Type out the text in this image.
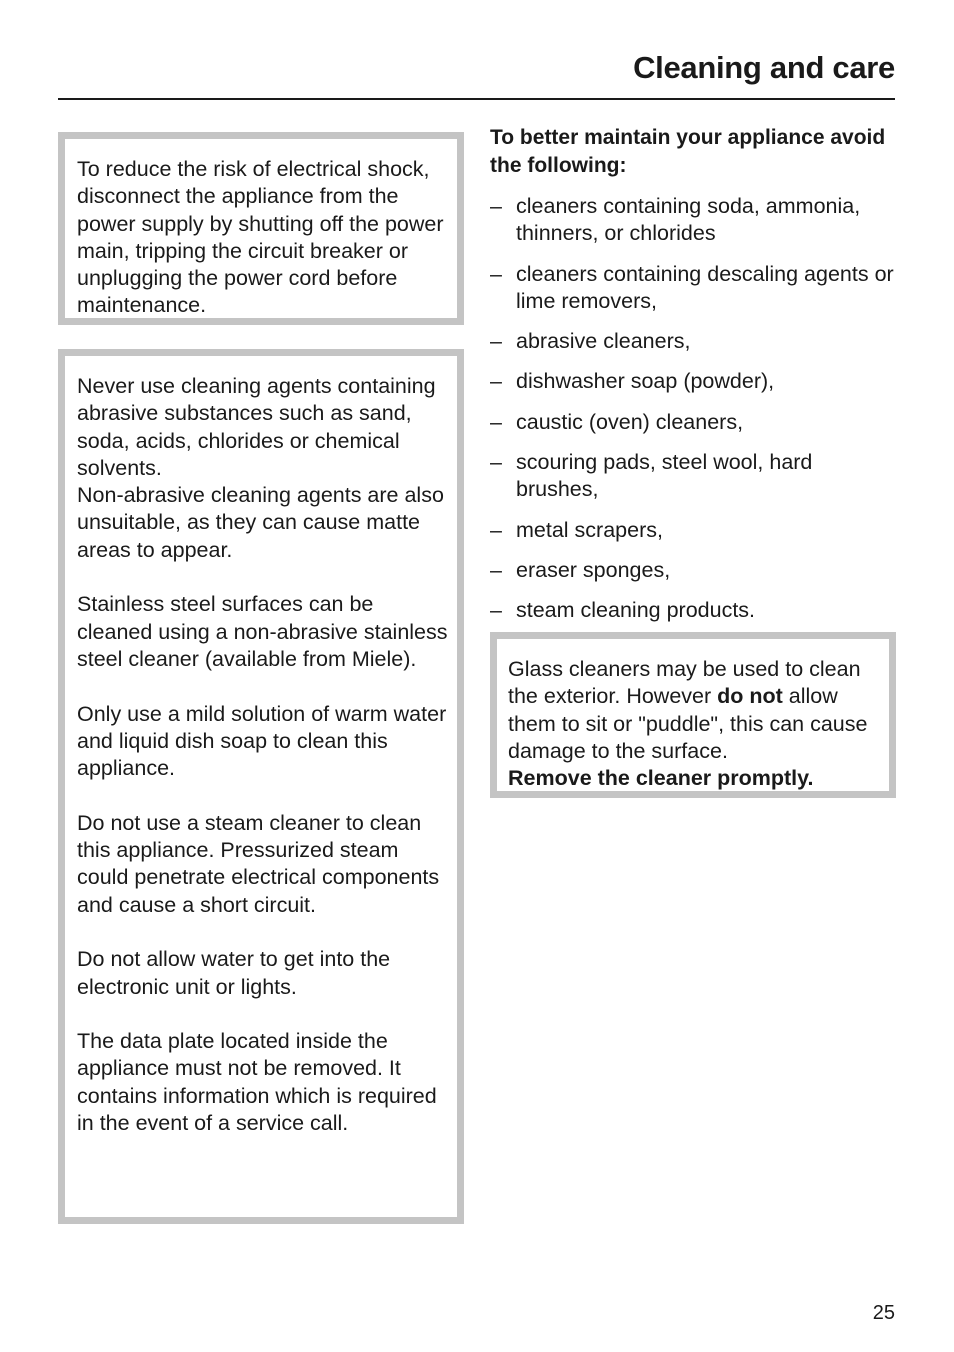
Cleaning and care

To reduce the risk of electrical shock, disconnect the appliance from the power supply by shutting off the power main, tripping the circuit breaker or unplugging the power cord before maintenance.

Never use cleaning agents containing abrasive substances such as sand, soda, acids, chlorides or chemical solvents.
Non-abrasive cleaning agents are also unsuitable, as they can cause matte areas to appear.

Stainless steel surfaces can be cleaned using a non-abrasive stainless steel cleaner (available from Miele).

Only use a mild solution of warm water and liquid dish soap to clean this appliance.

Do not use a steam cleaner to clean this appliance. Pressurized steam could penetrate electrical components and cause a short circuit.

Do not allow water to get into the electronic unit or lights.

The data plate located inside the appliance must not be removed. It contains information which is required in the event of a service call.

To better maintain your appliance avoid the following:
– cleaners containing soda, ammonia, thinners, or chlorides
– cleaners containing descaling agents or lime removers,
– abrasive cleaners,
– dishwasher soap (powder),
– caustic (oven) cleaners,
– scouring pads, steel wool, hard brushes,
– metal scrapers,
– eraser sponges,
– steam cleaning products.

Glass cleaners may be used to clean the exterior. However do not allow them to sit or "puddle", this can cause damage to the surface.
Remove the cleaner promptly.

25
